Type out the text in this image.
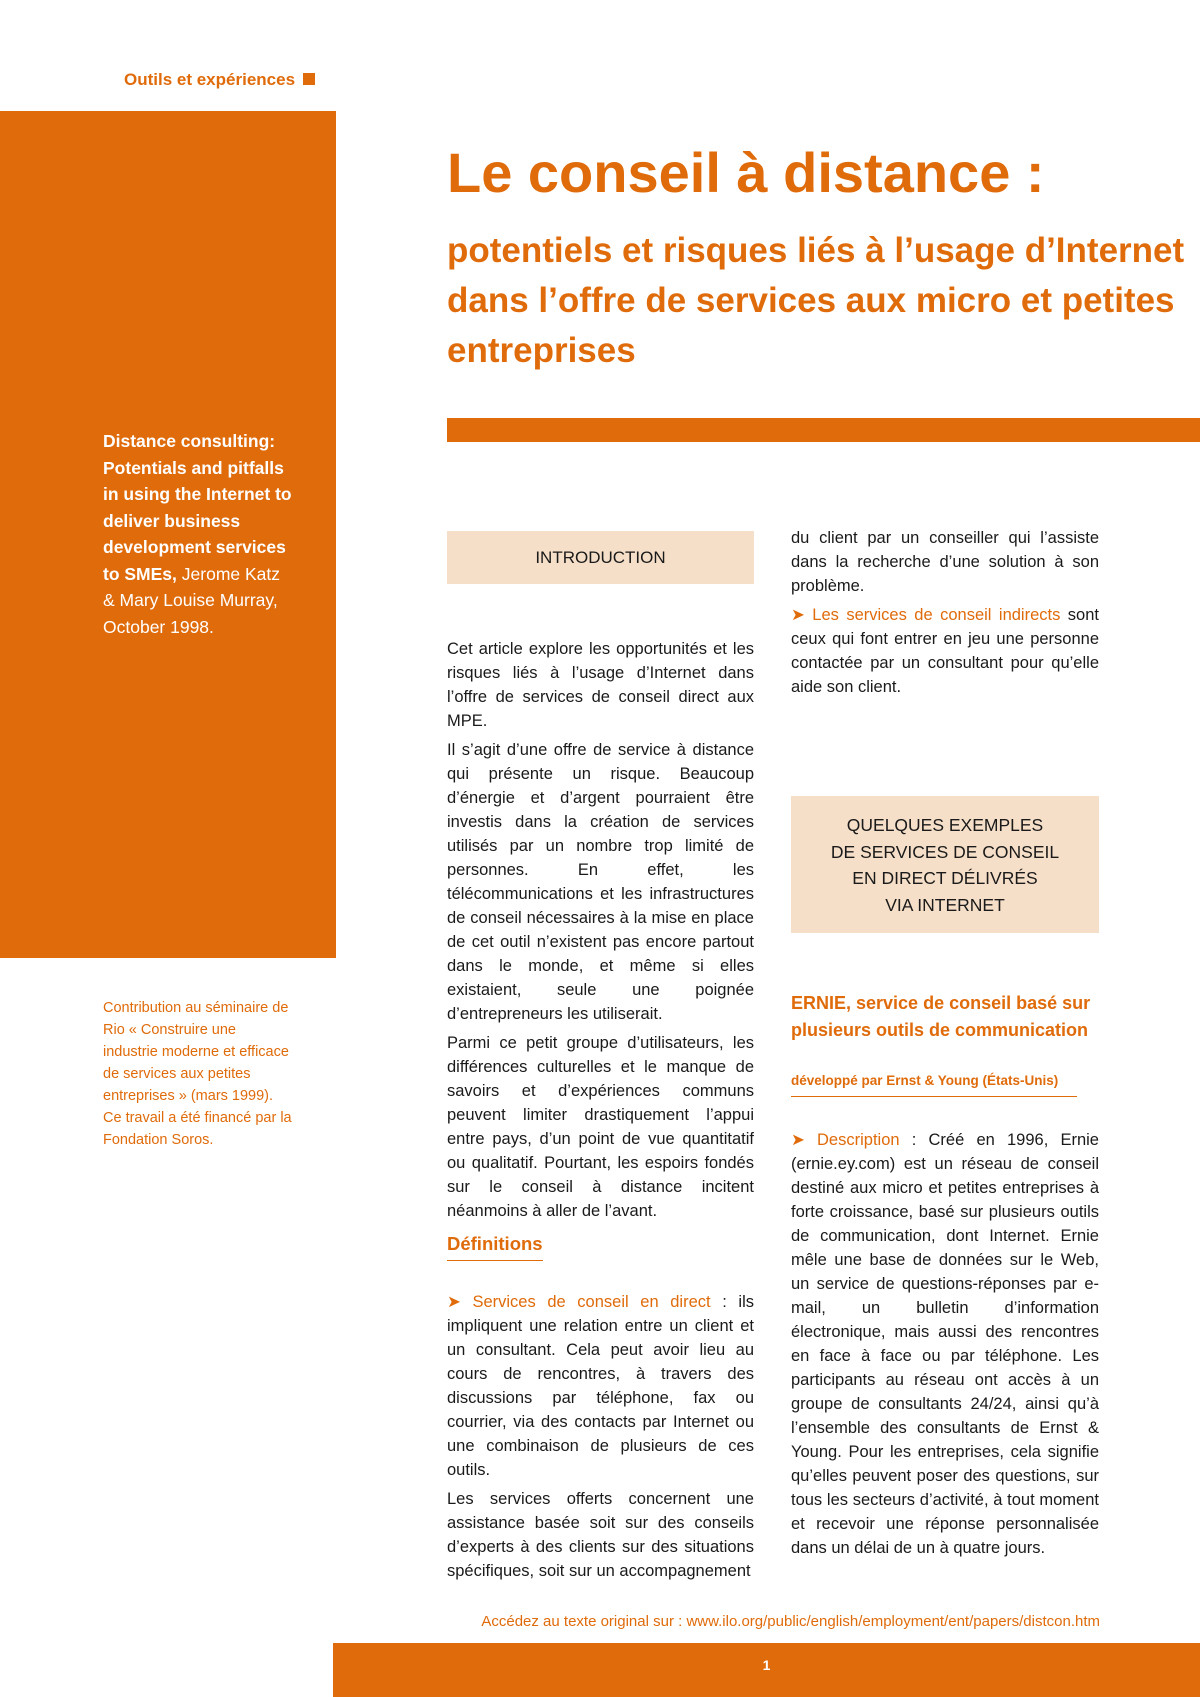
Outils et expériences
Distance consulting: Potentials and pitfalls in using the Internet to deliver business development services to SMEs, Jerome Katz & Mary Louise Murray, October 1998.
Contribution au séminaire de Rio « Construire une industrie moderne et efficace de services aux petites entreprises » (mars 1999).
Ce travail a été financé par la Fondation Soros.
Le conseil à distance :
potentiels et risques liés à l’usage d’Internet dans l’offre de services aux micro et petites entreprises
INTRODUCTION

Cet article explore les opportunités et les risques liés à l’usage d’Internet dans l’offre de services de conseil direct aux MPE.

Il s’agit d’une offre de service à distance qui présente un risque. Beaucoup d’énergie et d’argent pourraient être investis dans la création de services utilisés par un nombre trop limité de personnes. En effet, les télécommunications et les infrastructures de conseil nécessaires à la mise en place de cet outil n’existent pas encore partout dans le monde, et même si elles existaient, seule une poignée d’entrepreneurs les utiliserait.

Parmi ce petit groupe d’utilisateurs, les différences culturelles et le manque de savoirs et d’expériences communs peuvent limiter drastiquement l’appui entre pays, d’un point de vue quantitatif ou qualitatif. Pourtant, les espoirs fondés sur le conseil à distance incitent néanmoins à aller de l’avant.

Définitions

➤ Services de conseil en direct : ils impliquent une relation entre un client et un consultant. Cela peut avoir lieu au cours de rencontres, à travers des discussions par téléphone, fax ou courrier, via des contacts par Internet ou une combinaison de plusieurs de ces outils.

Les services offerts concernent une assistance basée soit sur des conseils d’experts à des clients sur des situations spécifiques, soit sur un accompagnement

du client par un conseiller qui l’assiste dans la recherche d’une solution à son problème.

➤ Les services de conseil indirects sont ceux qui font entrer en jeu une personne contactée par un consultant pour qu’elle aide son client.

QUELQUES EXEMPLES
DE SERVICES DE CONSEIL
EN DIRECT DÉLIVRÉS
VIA INTERNET
ERNIE, service de conseil basé sur plusieurs outils de communication
développé par Ernst & Young (États-Unis)

➤ Description : Créé en 1996, Ernie (ernie.ey.com) est un réseau de conseil destiné aux micro et petites entreprises à forte croissance, basé sur plusieurs outils de communication, dont Internet. Ernie mêle une base de données sur le Web, un service de questions-réponses par e-mail, un bulletin d’information électronique, mais aussi des rencontres en face à face ou par téléphone. Les participants au réseau ont accès à un groupe de consultants 24/24, ainsi qu’à l’ensemble des consultants de Ernst & Young. Pour les entreprises, cela signifie qu’elles peuvent poser des questions, sur tous les secteurs d’activité, à tout moment et recevoir une réponse personnalisée dans un délai de un à quatre jours.

Accédez au texte original sur : www.ilo.org/public/english/employment/ent/papers/distcon.htm
1
